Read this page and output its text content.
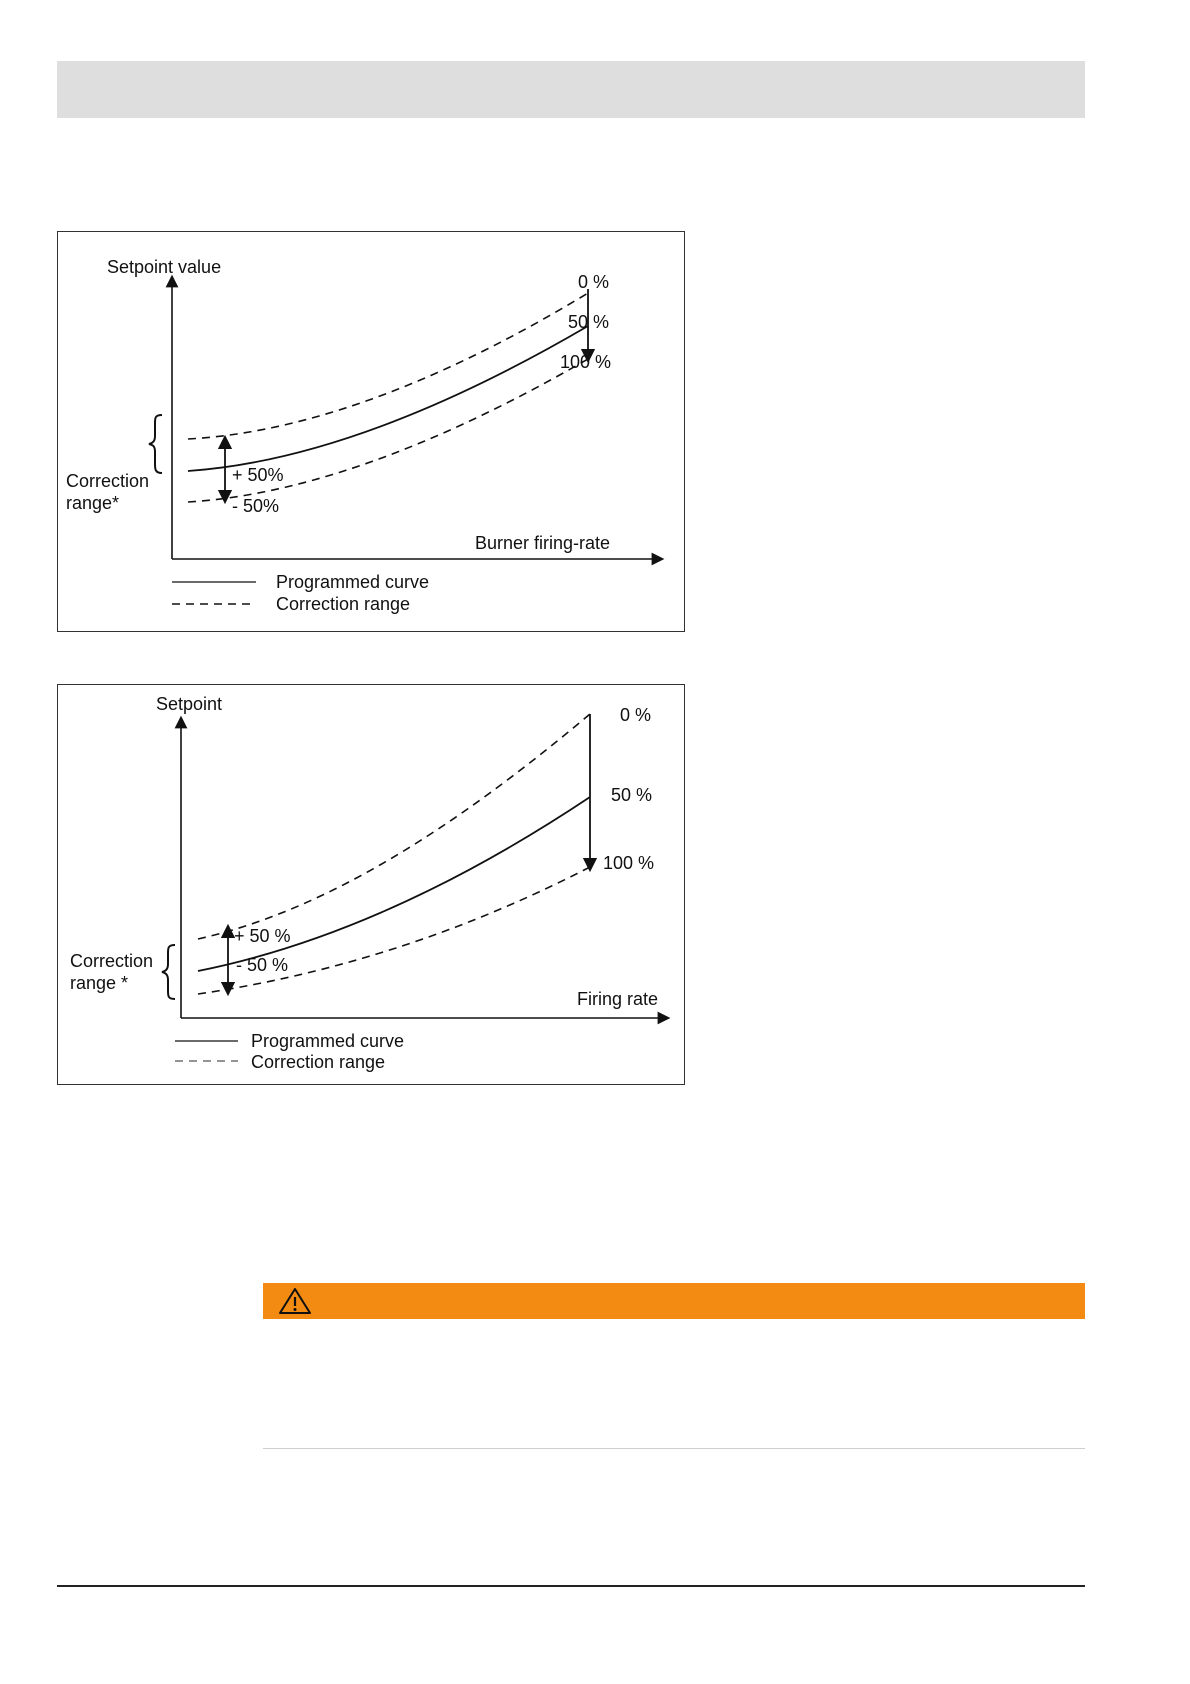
Setpoint value
Burner firing-rate
Correction
range*
+ 50%
- 50%
0 %
50 %
100 %
Programmed curve
Correction range
Setpoint
Firing rate
Correction
range *
+ 50 %
- 50 %
0 %
50 %
100 %
Programmed curve
Correction range
